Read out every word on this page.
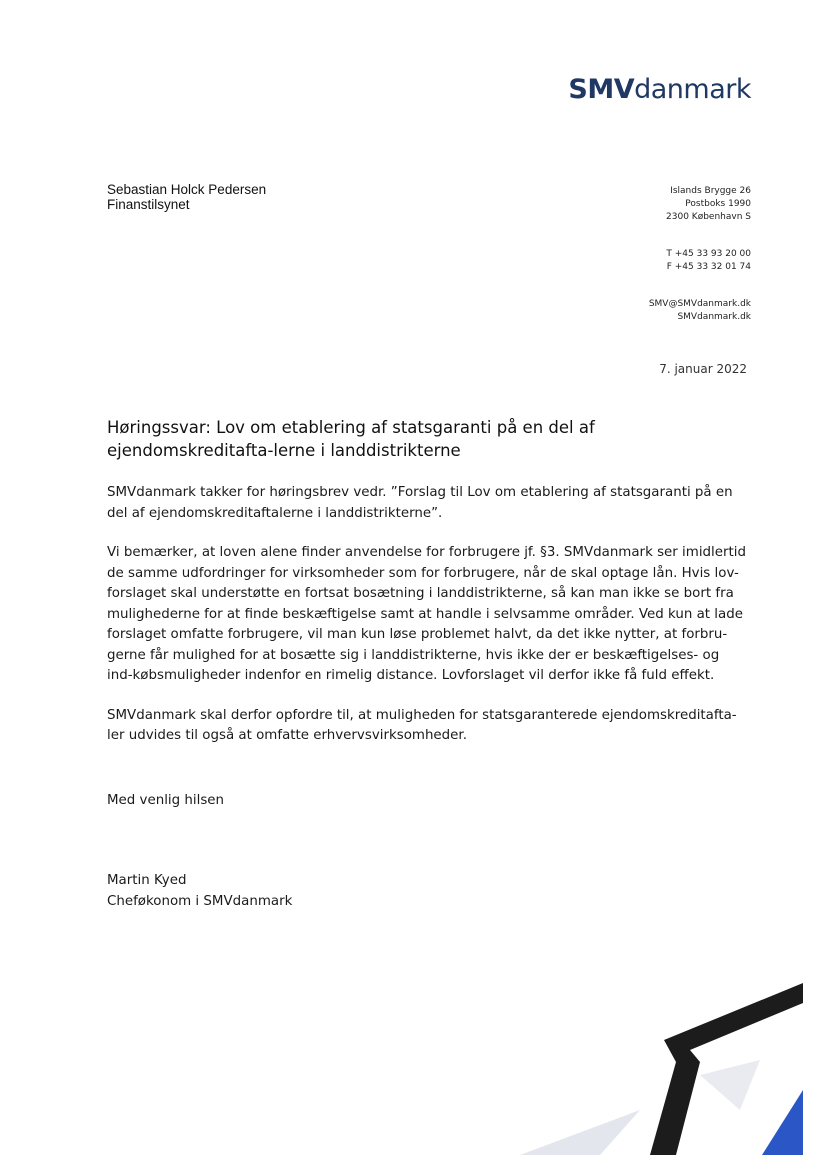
SMVdanmark
Sebastian Holck Pedersen
Finanstilsynet
Islands Brygge 26
Postboks 1990
2300 København S
T +45 33 93 20 00
F +45 33 32 01 74
SMV@SMVdanmark.dk
SMVdanmark.dk
7. januar 2022
Høringssvar: Lov om etablering af statsgaranti på en del af ejendomskreditafta-lerne i landdistrikterne

SMVdanmark takker for høringsbrev vedr. ”Forslag til Lov om etablering af statsgaranti på en del af ejendomskreditaftalerne i landdistrikterne”.

Vi bemærker, at loven alene finder anvendelse for forbrugere jf. §3. SMVdanmark ser imidlertid de samme udfordringer for virksomheder som for forbrugere, når de skal optage lån. Hvis lov-forslaget skal understøtte en fortsat bosætning i landdistrikterne, så kan man ikke se bort fra mulighederne for at finde beskæftigelse samt at handle i selvsamme områder. Ved kun at lade forslaget omfatte forbrugere, vil man kun løse problemet halvt, da det ikke nytter, at forbru-gerne får mulighed for at bosætte sig i landdistrikterne, hvis ikke der er beskæftigelses- og ind-købsmuligheder indenfor en rimelig distance. Lovforslaget vil derfor ikke få fuld effekt.

SMVdanmark skal derfor opfordre til, at muligheden for statsgaranterede ejendomskreditafta-ler udvides til også at omfatte erhvervsvirksomheder.

Med venlig hilsen
Martin Kyed
Cheføkonom i SMVdanmark
